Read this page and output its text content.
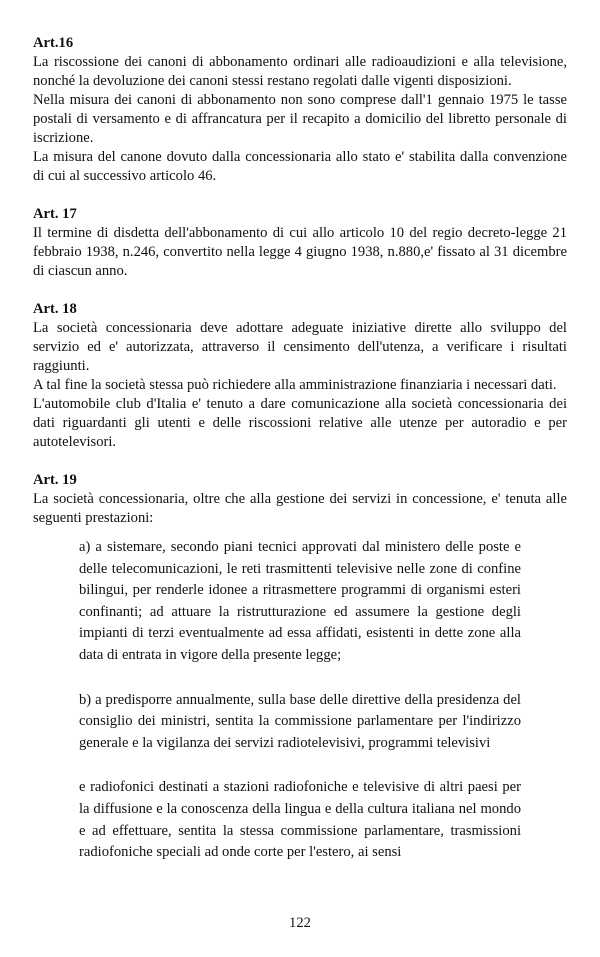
Art.16

La riscossione dei canoni di abbonamento ordinari alle radioaudizioni e alla televisione, nonché la devoluzione dei canoni stessi restano regolati dalle vigenti disposizioni.

Nella misura dei canoni di abbonamento non sono comprese dall'1 gennaio 1975 le tasse postali di versamento e di affrancatura per il recapito a domicilio del libretto personale di iscrizione.

La misura del canone dovuto dalla concessionaria allo stato e' stabilita dalla convenzione di cui al successivo articolo 46.

Art. 17

Il termine di disdetta dell'abbonamento di cui allo articolo 10 del regio decreto-legge 21 febbraio 1938, n.246, convertito nella legge 4 giugno 1938, n.880,e' fissato al 31 dicembre di ciascun anno.

Art. 18

La società concessionaria deve adottare adeguate iniziative dirette allo sviluppo del servizio ed e' autorizzata, attraverso il censimento dell'utenza, a verificare i risultati raggiunti.

A tal fine la società stessa può richiedere alla amministrazione finanziaria i necessari dati.

L'automobile club d'Italia e' tenuto a dare comunicazione alla società concessionaria dei dati riguardanti gli utenti e delle riscossioni relative alle utenze per autoradio e per autotelevisori.

Art. 19

La società concessionaria, oltre che alla gestione dei servizi in concessione, e' tenuta alle seguenti prestazioni:

a) a sistemare, secondo piani tecnici approvati dal ministero delle poste e delle telecomunicazioni, le reti trasmittenti televisive nelle zone di confine bilingui, per renderle idonee a ritrasmettere programmi di organismi esteri confinanti; ad attuare la ristrutturazione ed assumere la gestione degli impianti di terzi eventualmente ad essa affidati, esistenti in dette zone alla data di entrata in vigore della presente legge;

b) a predisporre annualmente, sulla base delle direttive della presidenza del consiglio dei ministri, sentita la commissione parlamentare per l'indirizzo generale e la vigilanza dei servizi radiotelevisivi, programmi televisivi

e radiofonici destinati a stazioni radiofoniche e televisive di altri paesi per la diffusione e la conoscenza della lingua e della cultura italiana nel mondo e ad effettuare, sentita la stessa commissione parlamentare, trasmissioni radiofoniche speciali ad onde corte per l'estero, ai sensi

122
